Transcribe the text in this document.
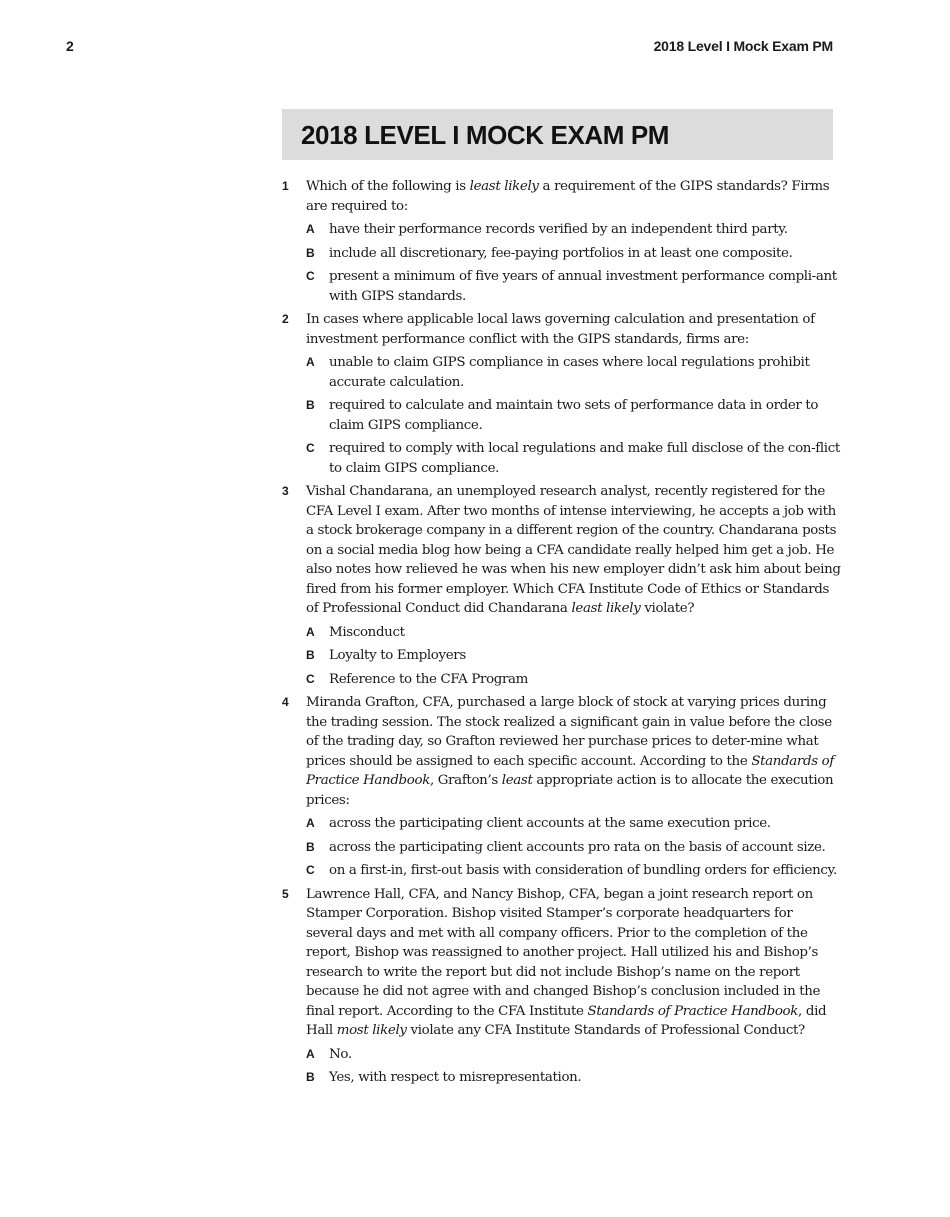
2	2018 Level I Mock Exam PM
2018 LEVEL I MOCK EXAM PM
1 Which of the following is least likely a requirement of the GIPS standards? Firms are required to:
A have their performance records verified by an independent third party.
B include all discretionary, fee-paying portfolios in at least one composite.
C present a minimum of five years of annual investment performance compli-ant with GIPS standards.
2 In cases where applicable local laws governing calculation and presentation of investment performance conflict with the GIPS standards, firms are:
A unable to claim GIPS compliance in cases where local regulations prohibit accurate calculation.
B required to calculate and maintain two sets of performance data in order to claim GIPS compliance.
C required to comply with local regulations and make full disclose of the con-flict to claim GIPS compliance.
3 Vishal Chandarana, an unemployed research analyst, recently registered for the CFA Level I exam. After two months of intense interviewing, he accepts a job with a stock brokerage company in a different region of the country. Chandarana posts on a social media blog how being a CFA candidate really helped him get a job. He also notes how relieved he was when his new employer didn’t ask him about being fired from his former employer. Which CFA Institute Code of Ethics or Standards of Professional Conduct did Chandarana least likely violate?
A Misconduct
B Loyalty to Employers
C Reference to the CFA Program
4 Miranda Grafton, CFA, purchased a large block of stock at varying prices during the trading session. The stock realized a significant gain in value before the close of the trading day, so Grafton reviewed her purchase prices to deter-mine what prices should be assigned to each specific account. According to the Standards of Practice Handbook, Grafton’s least appropriate action is to allocate the execution prices:
A across the participating client accounts at the same execution price.
B across the participating client accounts pro rata on the basis of account size.
C on a first-in, first-out basis with consideration of bundling orders for efficiency.
5 Lawrence Hall, CFA, and Nancy Bishop, CFA, began a joint research report on Stamper Corporation. Bishop visited Stamper’s corporate headquarters for several days and met with all company officers. Prior to the completion of the report, Bishop was reassigned to another project. Hall utilized his and Bishop’s research to write the report but did not include Bishop’s name on the report because he did not agree with and changed Bishop’s conclusion included in the final report. According to the CFA Institute Standards of Practice Handbook, did Hall most likely violate any CFA Institute Standards of Professional Conduct?
A No.
B Yes, with respect to misrepresentation.
